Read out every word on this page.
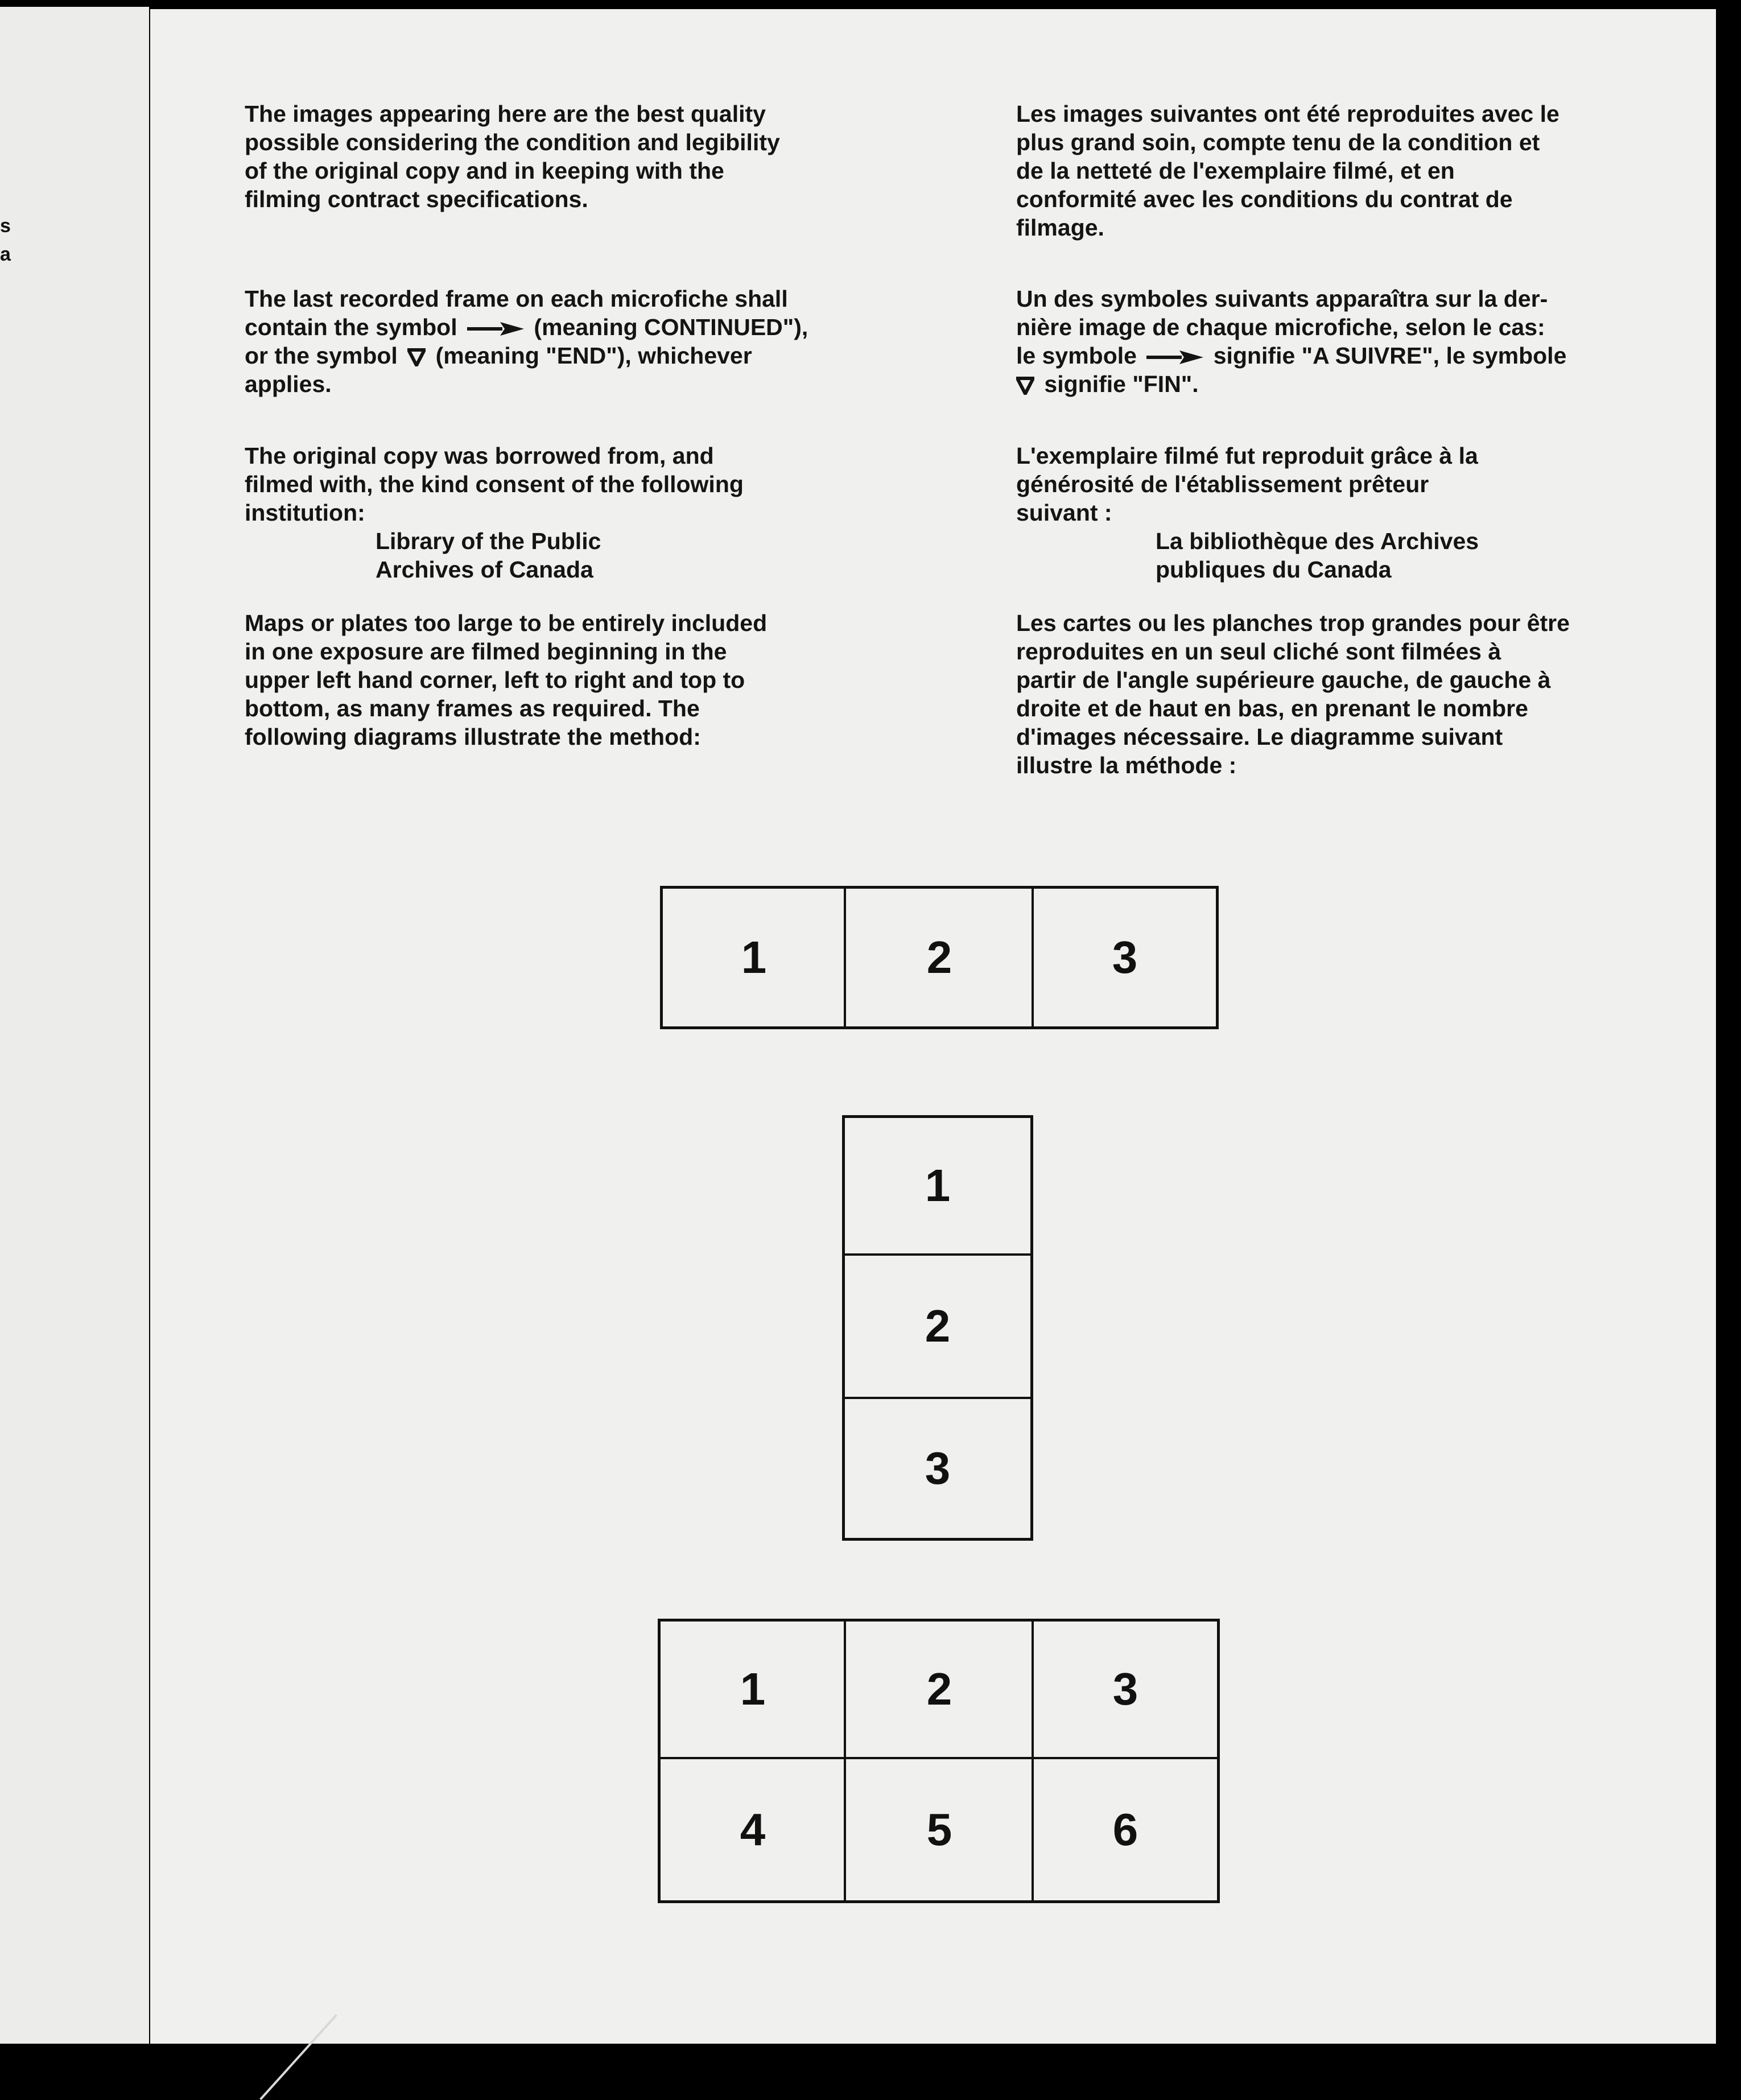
s
a
The images appearing here are the best quality
possible considering the condition and legibility
of the original copy and in keeping with the
filming contract specifications.
The last recorded frame on each microfiche shall
contain the symbol	(meaning CONTINUED"),
or the symbol (meaning "END"), whichever
applies.
The original copy was borrowed from, and
filmed with, the kind consent of the following
institution:
Library of the Public
Archives of Canada
Maps or plates too large to be entirely included
in one exposure are filmed beginning in the
upper left hand corner, left to right and top to
bottom, as many frames as required. The
following diagrams illustrate the method:
Les images suivantes ont été reproduites avec le
plus grand soin, compte tenu de la condition et
de la netteté de l'exemplaire filmé, et en
conformité avec les conditions du contrat de
filmage.
Un des symboles suivants apparaîtra sur la der-
nière image de chaque microfiche, selon le cas:
le symbole	signifie "A SUIVRE", le symbole
signifie "FIN".
L'exemplaire filmé fut reproduit grâce à la
générosité de l'établissement prêteur
suivant :
La bibliothèque des Archives
publiques du Canada
Les cartes ou les planches trop grandes pour être
reproduites en un seul cliché sont filmées à
partir de l'angle supérieure gauche, de gauche à
droite et de haut en bas, en prenant le nombre
d'images nécessaire. Le diagramme suivant
illustre la méthode :
1	2	3
1
2
3
1	2	3
4	5	6
